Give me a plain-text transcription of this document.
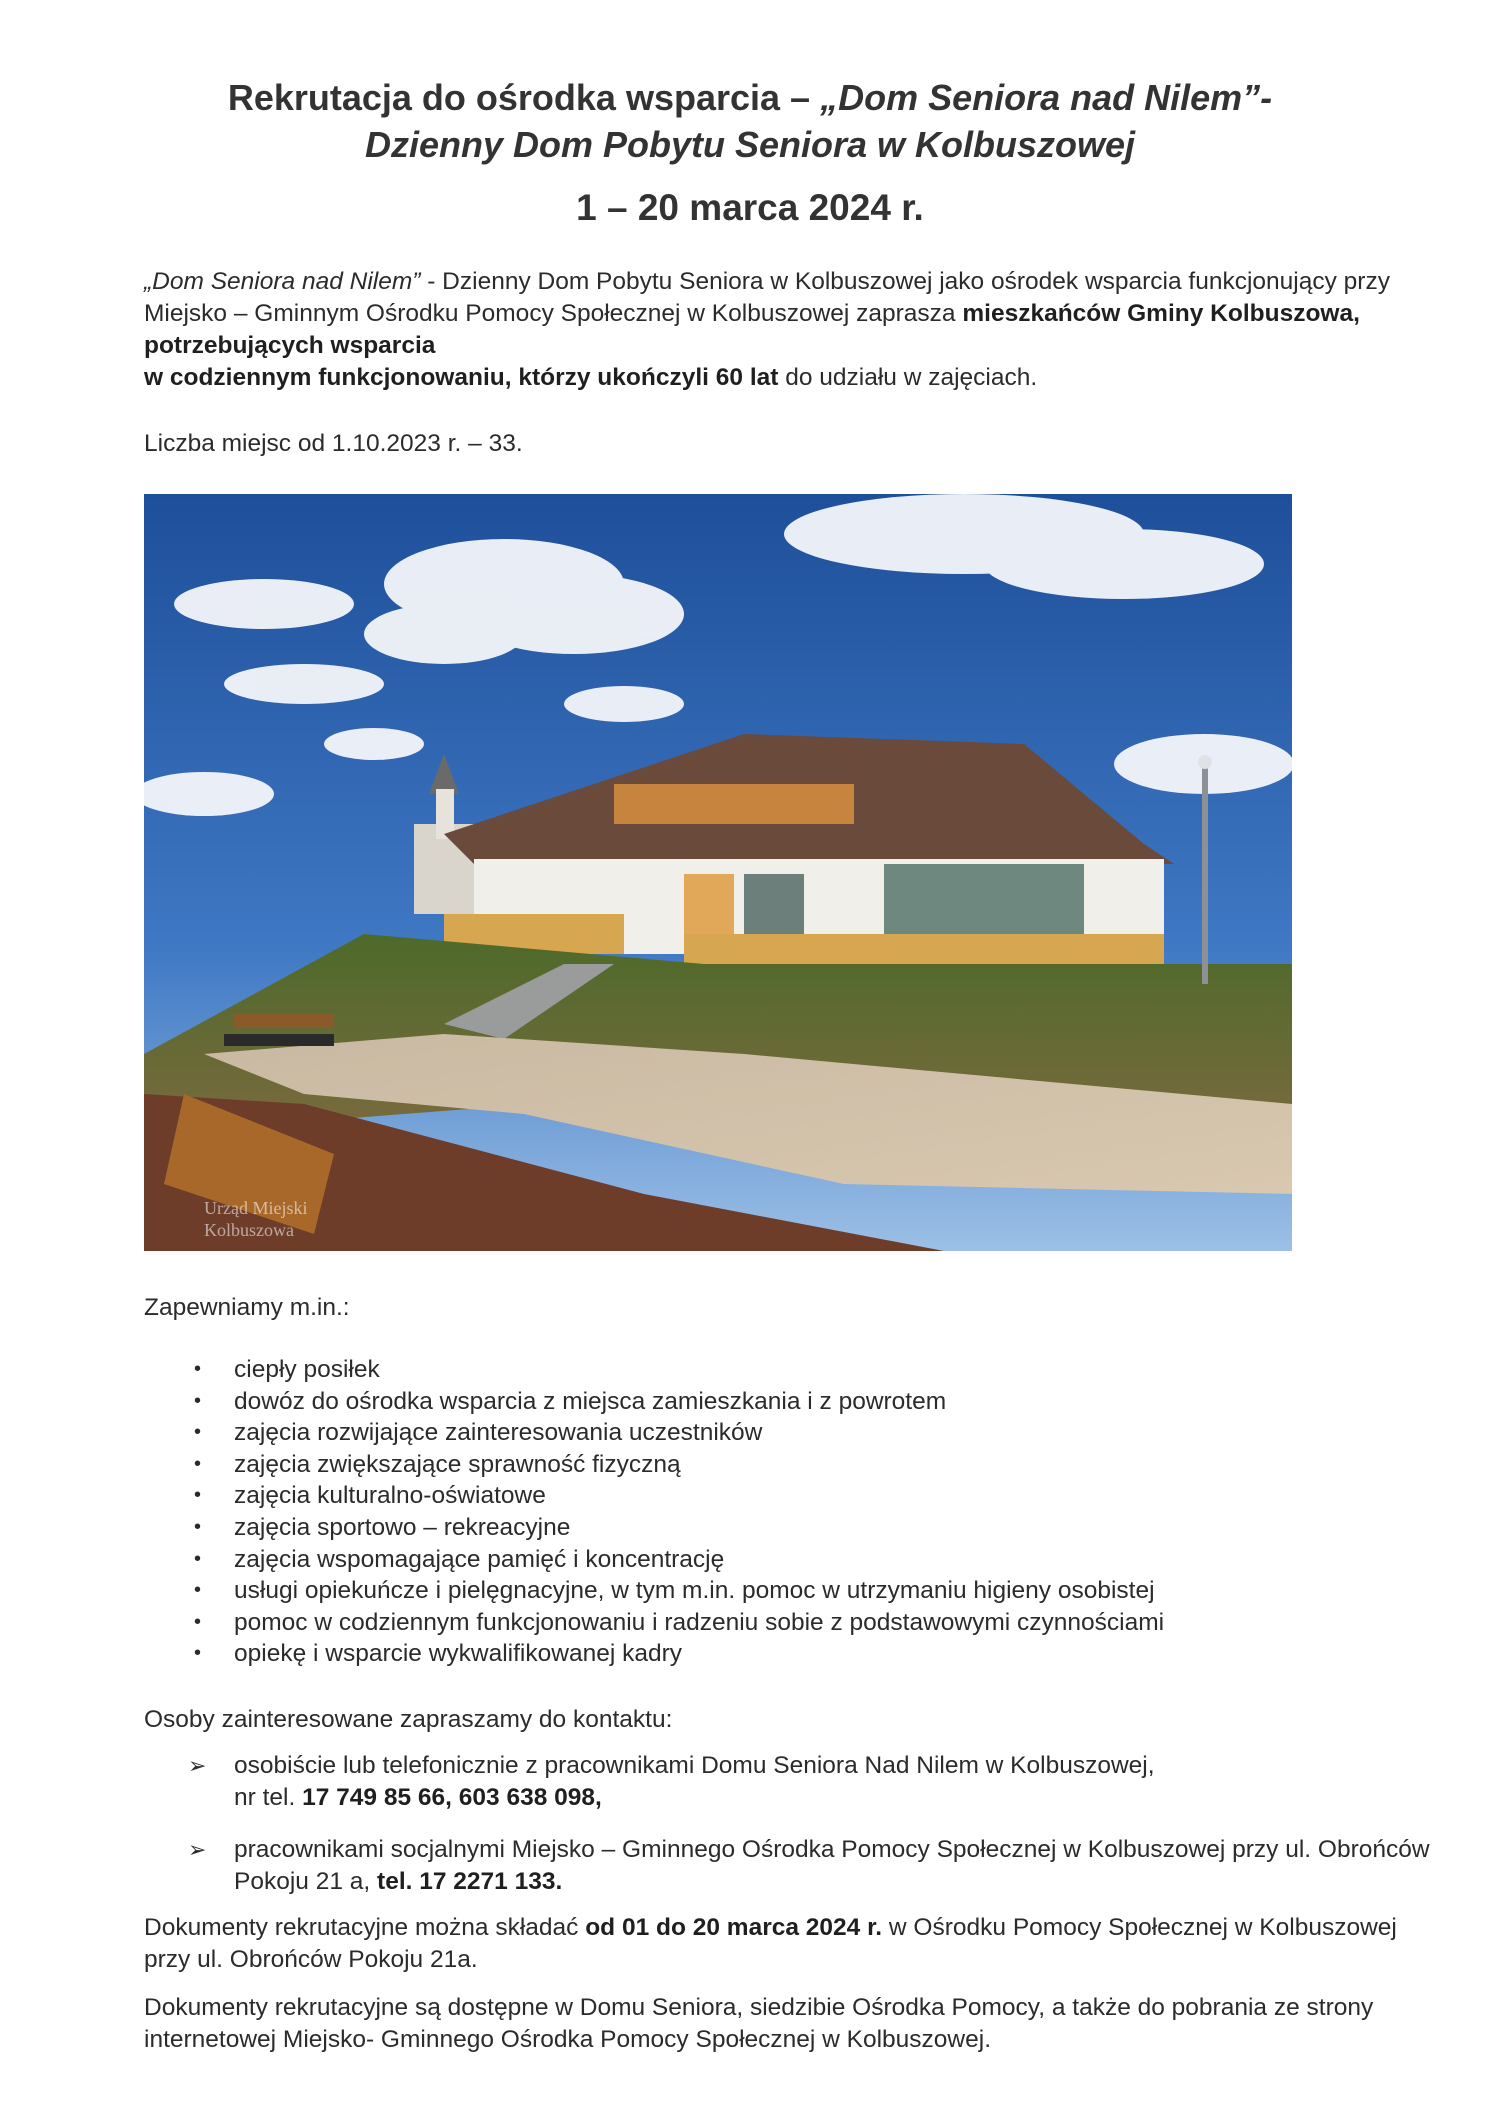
Rekrutacja do ośrodka wsparcia – „Dom Seniora nad Nilem”-
Dzienny Dom Pobytu Seniora w Kolbuszowej
1 – 20 marca 2024 r.
„Dom Seniora nad Nilem” - Dzienny Dom Pobytu Seniora w Kolbuszowej jako ośrodek wsparcia funkcjonujący przy Miejsko – Gminnym Ośrodku Pomocy Społecznej w Kolbuszowej zaprasza mieszkańców Gminy Kolbuszowa, potrzebujących wsparcia
w codziennym funkcjonowaniu, którzy ukończyli 60 lat do udziału w zajęciach.
Liczba miejsc od 1.10.2023 r. – 33.
Urząd Miejski
Kolbuszowa
Zapewniamy m.in.:
• ciepły posiłek
• dowóz do ośrodka wsparcia z miejsca zamieszkania i z powrotem
• zajęcia rozwijające zainteresowania uczestników
• zajęcia zwiększające sprawność fizyczną
• zajęcia kulturalno-oświatowe
• zajęcia sportowo – rekreacyjne
• zajęcia wspomagające pamięć i koncentrację
• usługi opiekuńcze i pielęgnacyjne, w tym m.in. pomoc w utrzymaniu higieny osobistej
• pomoc w codziennym funkcjonowaniu i radzeniu sobie z podstawowymi czynnościami
• opiekę i wsparcie wykwalifikowanej kadry
Osoby zainteresowane zapraszamy do kontaktu:
➢ osobiście lub telefonicznie z pracownikami Domu Seniora Nad Nilem w Kolbuszowej,
nr tel. 17 749 85 66, 603 638 098,
➢ pracownikami socjalnymi Miejsko – Gminnego Ośrodka Pomocy Społecznej w Kolbuszowej przy ul. Obrońców Pokoju 21 a, tel. 17 2271 133.
Dokumenty rekrutacyjne można składać od 01 do 20 marca 2024 r. w Ośrodku Pomocy Społecznej w Kolbuszowej przy ul. Obrońców Pokoju 21a.
Dokumenty rekrutacyjne są dostępne w Domu Seniora, siedzibie Ośrodka Pomocy, a także do pobrania ze strony internetowej Miejsko- Gminnego Ośrodka Pomocy Społecznej w Kolbuszowej.
